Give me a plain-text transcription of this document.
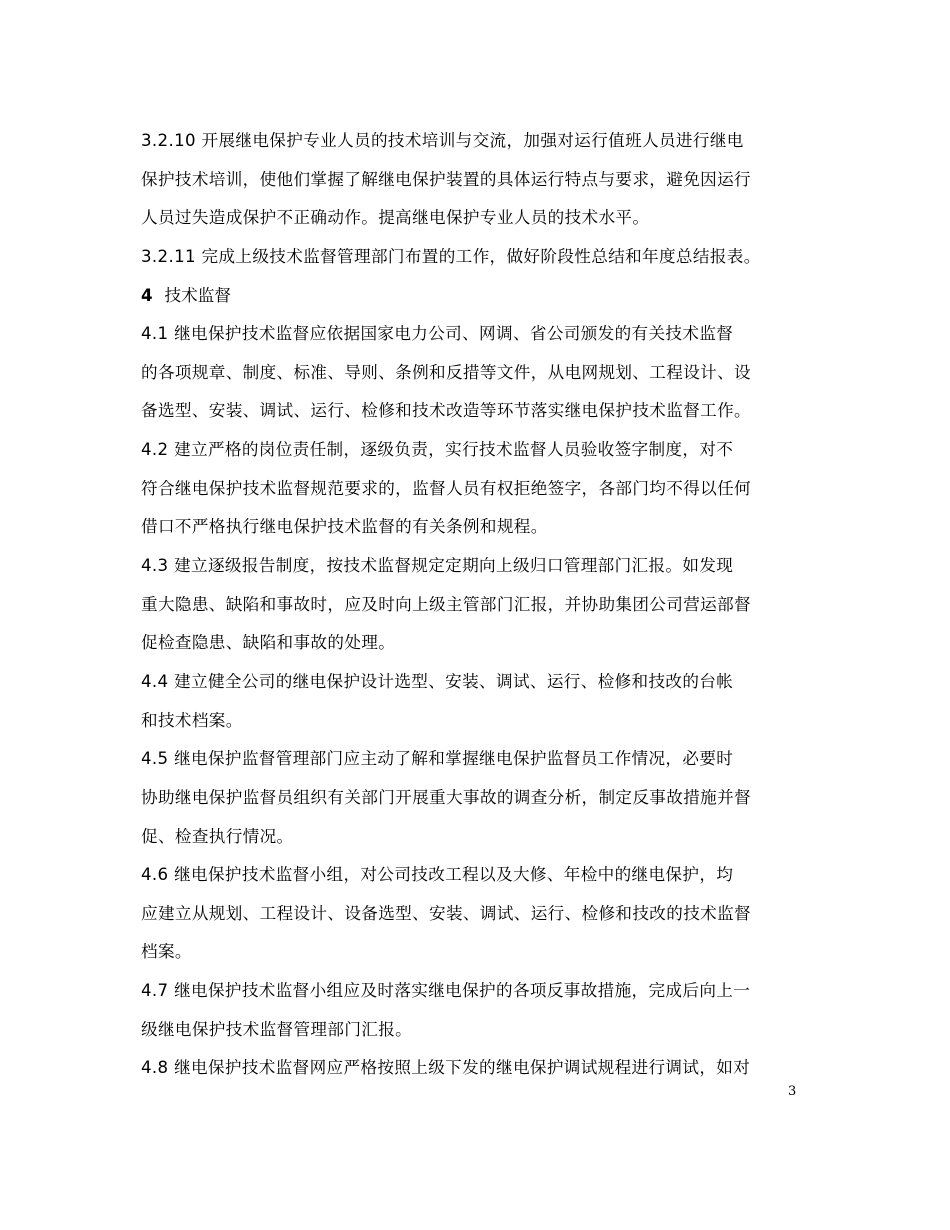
3.2.10 开展继电保护专业人员的技术培训与交流，加强对运行值班人员进行继电
保护技术培训，使他们掌握了解继电保护装置的具体运行特点与要求，避免因运行
人员过失造成保护不正确动作。提高继电保护专业人员的技术水平。
3.2.11 完成上级技术监督管理部门布置的工作，做好阶段性总结和年度总结报表。
4 技术监督
4.1 继电保护技术监督应依据国家电力公司、网调、省公司颁发的有关技术监督
的各项规章、制度、标准、导则、条例和反措等文件，从电网规划、工程设计、设
备选型、安装、调试、运行、检修和技术改造等环节落实继电保护技术监督工作。
4.2 建立严格的岗位责任制，逐级负责，实行技术监督人员验收签字制度，对不
符合继电保护技术监督规范要求的，监督人员有权拒绝签字，各部门均不得以任何
借口不严格执行继电保护技术监督的有关条例和规程。
4.3 建立逐级报告制度，按技术监督规定定期向上级归口管理部门汇报。如发现
重大隐患、缺陷和事故时，应及时向上级主管部门汇报，并协助集团公司营运部督
促检查隐患、缺陷和事故的处理。
4.4 建立健全公司的继电保护设计选型、安装、调试、运行、检修和技改的台帐
和技术档案。
4.5 继电保护监督管理部门应主动了解和掌握继电保护监督员工作情况，必要时
协助继电保护监督员组织有关部门开展重大事故的调查分析，制定反事故措施并督
促、检查执行情况。
4.6 继电保护技术监督小组，对公司技改工程以及大修、年检中的继电保护，均
应建立从规划、工程设计、设备选型、安装、调试、运行、检修和技改的技术监督
档案。
4.7 继电保护技术监督小组应及时落实继电保护的各项反事故措施，完成后向上一
级继电保护技术监督管理部门汇报。
4.8 继电保护技术监督网应严格按照上级下发的继电保护调试规程进行调试，如对
3
